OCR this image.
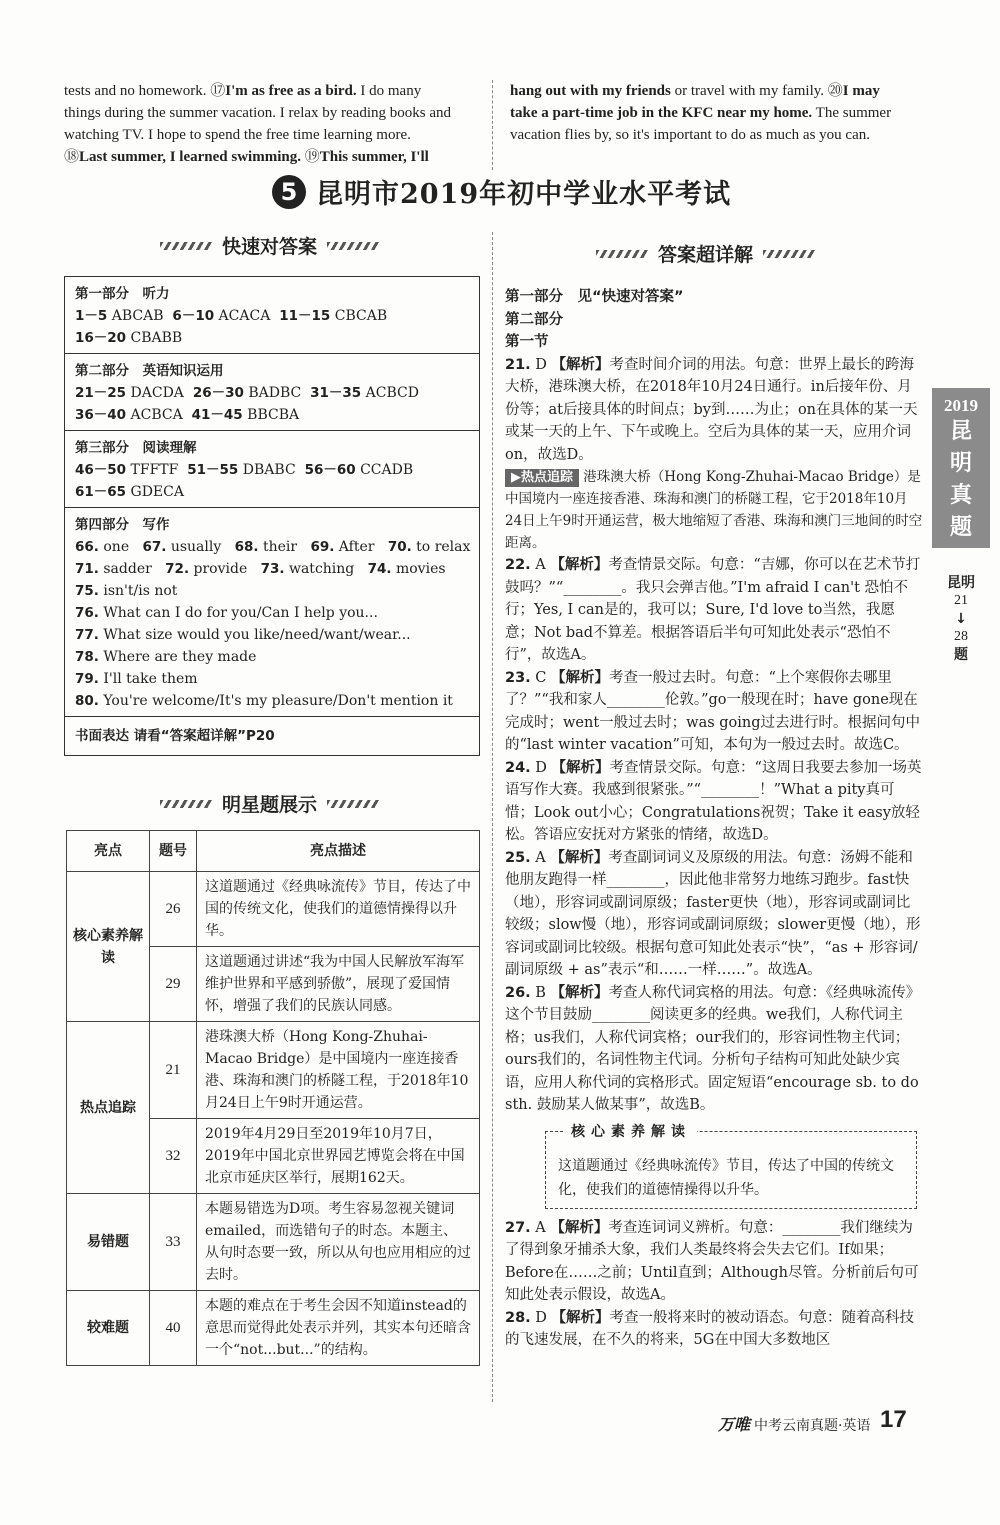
tests and no homework. ⑰I'm as free as a bird. I do many

things during the summer vacation. I relax by reading books and

watching TV. I hope to spend the free time learning more.

⑱Last summer, I learned swimming. ⑲This summer, I'll

hang out with my friends or travel with my family. ⑳I may

take a part-time job in the KFC near my home. The summer

vacation flies by, so it's important to do as much as you can.

5 昆明市2019年初中学业水平考试
快速对答案
第一部分　听力
1－5 ABCAB  6－10 ACACA  11－15 CBCAB
16－20 CBABB
第二部分　英语知识运用
21－25 DACDA  26－30 BADBC  31－35 ACBCD
36－40 ACBCA  41－45 BBCBA
第三部分　阅读理解
46－50 TFFTF  51－55 DBABC  56－60 CCADB
61－65 GDECA
第四部分　写作
66. one   67. usually   68. their   69. After   70. to relax
71. sadder   72. provide   73. watching   74. movies
75. isn't/is not
76. What can I do for you/Can I help you...
77. What size would you like/need/want/wear...
78. Where are they made
79. I'll take them
80. You're welcome/It's my pleasure/Don't mention it
书面表达 请看“答案超详解”P20
明星题展示
亮点	题号	亮点描述
核心素养解读	26	这道题通过《经典咏流传》节目，传达了中国的传统文化，使我们的道德情操得以升华。
	29	这道题通过讲述“我为中国人民解放军海军维护世界和平感到骄傲”，展现了爱国情怀，增强了我们的民族认同感。
热点追踪	21	港珠澳大桥（Hong Kong-Zhuhai-Macao Bridge）是中国境内一座连接香港、珠海和澳门的桥隧工程，于2018年10月24日上午9时开通运营。
	32	2019年4月29日至2019年10月7日，2019年中国北京世界园艺博览会将在中国北京市延庆区举行，展期162天。
易错题	33	本题易错选为D项。考生容易忽视关键词emailed，而选错句子的时态。本题主、从句时态要一致，所以从句也应用相应的过去时。
较难题	40	本题的难点在于考生会因不知道instead的意思而觉得此处表示并列，其实本句还暗含一个“not...but...”的结构。
答案超详解

第一部分　见“快速对答案”

第二部分

第一节

21. D 【解析】考查时间介词的用法。句意：世界上最长的跨海大桥，港珠澳大桥，在2018年10月24日通行。in后接年份、月份等；at后接具体的时间点；by到……为止；on在具体的某一天或某一天的上午、下午或晚上。空后为具体的某一天，应用介词on，故选D。

▶热点追踪 港珠澳大桥（Hong Kong-Zhuhai-Macao Bridge）是中国境内一座连接香港、珠海和澳门的桥隧工程，它于2018年10月24日上午9时开通运营，极大地缩短了香港、珠海和澳门三地间的时空距离。

22. A 【解析】考查情景交际。句意：“吉娜，你可以在艺术节打鼓吗？”“________。我只会弹吉他。”I'm afraid I can't 恐怕不行；Yes, I can是的，我可以；Sure, I'd love to当然，我愿意；Not bad不算差。根据答语后半句可知此处表示“恐怕不行”，故选A。

23. C 【解析】考查一般过去时。句意：“上个寒假你去哪里了？”“我和家人________伦敦。”go一般现在时；have gone现在完成时；went一般过去时；was going过去进行时。根据问句中的“last winter vacation”可知，本句为一般过去时。故选C。

24. D 【解析】考查情景交际。句意：“这周日我要去参加一场英语写作大赛。我感到很紧张。”“________！”What a pity真可惜；Look out小心；Congratulations祝贺；Take it easy放轻松。答语应安抚对方紧张的情绪，故选D。

25. A 【解析】考查副词词义及原级的用法。句意：汤姆不能和他朋友跑得一样________，因此他非常努力地练习跑步。fast快（地），形容词或副词原级；faster更快（地），形容词或副词比较级；slow慢（地），形容词或副词原级；slower更慢（地），形容词或副词比较级。根据句意可知此处表示“快”，“as + 形容词/副词原级 + as”表示“和……一样……”。故选A。

26. B 【解析】考查人称代词宾格的用法。句意：《经典咏流传》这个节目鼓励________阅读更多的经典。we我们，人称代词主格；us我们，人称代词宾格；our我们的，形容词性物主代词；ours我们的，名词性物主代词。分析句子结构可知此处缺少宾语，应用人称代词的宾格形式。固定短语“encourage sb. to do sth. 鼓励某人做某事”，故选B。

这道题通过《经典咏流传》节目，传达了中国的传统文化，使我们的道德情操得以升华。
核心素养解读

27. A 【解析】考查连词词义辨析。句意：________我们继续为了得到象牙捕杀大象，我们人类最终将会失去它们。If如果；Before在……之前；Until直到；Although尽管。分析前后句可知此处表示假设，故选A。

28. D 【解析】考查一般将来时的被动语态。句意：随着高科技的飞速发展，在不久的将来，5G在中国大多数地区

2019
昆
明
真
题
昆明
21
↓
28
题
万唯 中考云南真题·英语 17
